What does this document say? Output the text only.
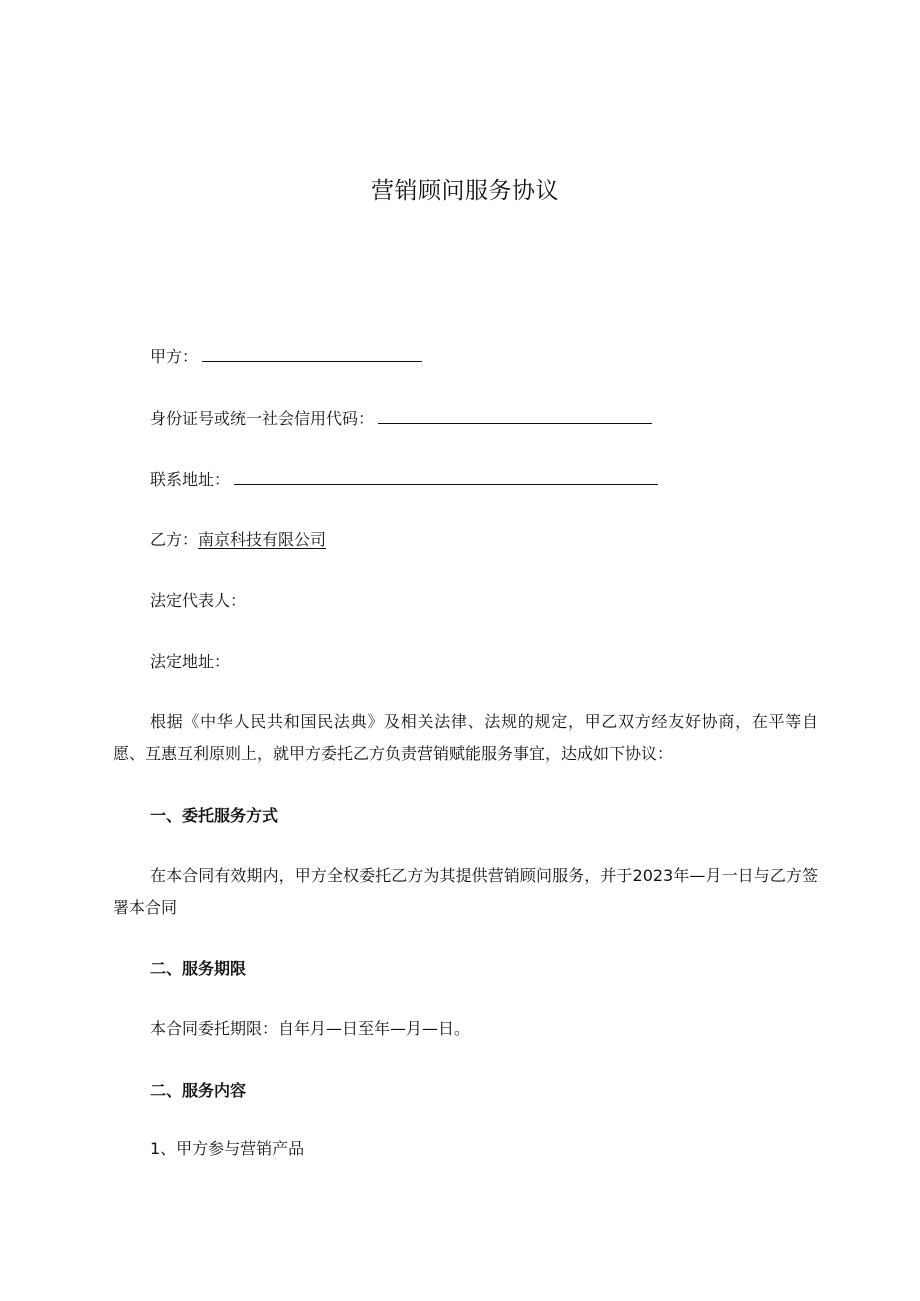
营销顾问服务协议
甲方：
身份证号或统一社会信用代码：
联系地址：
乙方：南京科技有限公司
法定代表人：
法定地址：
根据《中华人民共和国民法典》及相关法律、法规的规定，甲乙双方经友好协商，在平等自愿、互惠互利原则上，就甲方委托乙方负责营销赋能服务事宜，达成如下协议：
一、委托服务方式
在本合同有效期内，甲方全权委托乙方为其提供营销顾问服务，并于2023年—月一日与乙方签署本合同
二、服务期限
本合同委托期限：自年月—日至年—月—日。
二、服务内容
1、甲方参与营销产品
